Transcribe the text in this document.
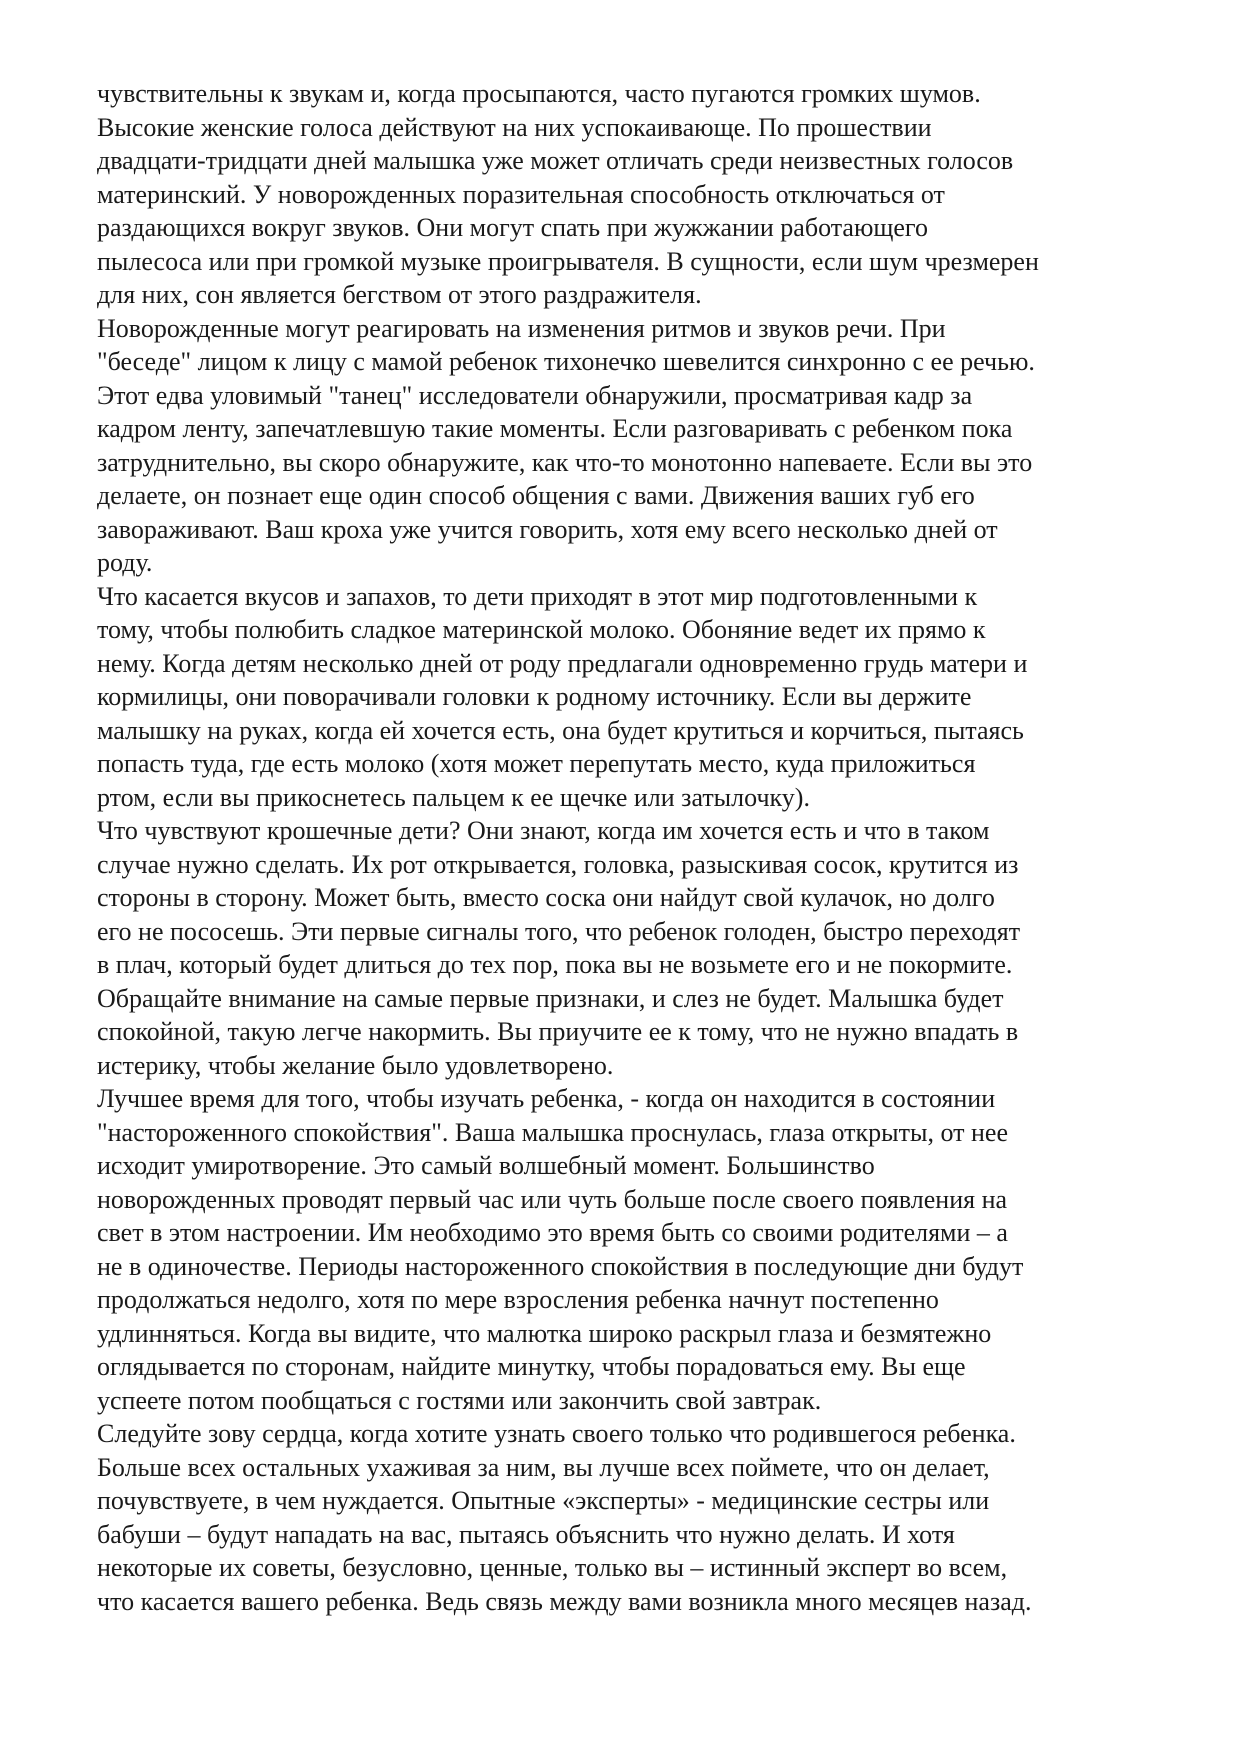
чувствительны к звукам и, когда просыпаются, часто пугаются громких шумов.
Высокие женские голоса действуют на них успокаивающе. По прошествии
двадцати-тридцати дней малышка уже может отличать среди неизвестных голосов
материнский. У новорожденных поразительная способность отключаться от
раздающихся вокруг звуков. Они могут спать при жужжании работающего
пылесоса или при громкой музыке проигрывателя. В сущности, если шум чрезмерен
для них, сон является бегством от этого раздражителя.
Новорожденные могут реагировать на изменения ритмов и звуков речи. При
"беседе" лицом к лицу с мамой ребенок тихонечко шевелится синхронно с ее речью.
Этот едва уловимый "танец" исследователи обнаружили, просматривая кадр за
кадром ленту, запечатлевшую такие моменты. Если разговаривать с ребенком пока
затруднительно, вы скоро обнаружите, как что-то монотонно напеваете. Если вы это
делаете, он познает еще один способ общения с вами. Движения ваших губ его
завораживают. Ваш кроха уже учится говорить, хотя ему всего несколько дней от
роду.
Что касается вкусов и запахов, то дети приходят в этот мир подготовленными к
тому, чтобы полюбить сладкое материнской молоко. Обоняние ведет их прямо к
нему. Когда детям несколько дней от роду предлагали одновременно грудь матери и
кормилицы, они поворачивали головки к родному источнику. Если вы держите
малышку на руках, когда ей хочется есть, она будет крутиться и корчиться, пытаясь
попасть туда, где есть молоко (хотя может перепутать место, куда приложиться
ртом, если вы прикоснетесь пальцем к ее щечке или затылочку).
Что чувствуют крошечные дети? Они знают, когда им хочется есть и что в таком
случае нужно сделать. Их рот открывается, головка, разыскивая сосок, крутится из
стороны в сторону. Может быть, вместо соска они найдут свой кулачок, но долго
его не пососешь. Эти первые сигналы того, что ребенок голоден, быстро переходят
в плач, который будет длиться до тех пор, пока вы не возьмете его и не покормите.
Обращайте внимание на самые первые признаки, и слез не будет. Малышка будет
спокойной, такую легче накормить. Вы приучите ее к тому, что не нужно впадать в
истерику, чтобы желание было удовлетворено.
Лучшее время для того, чтобы изучать ребенка, - когда он находится в состоянии
"настороженного спокойствия". Ваша малышка проснулась, глаза открыты, от нее
исходит умиротворение. Это самый волшебный момент. Большинство
новорожденных проводят первый час или чуть больше после своего появления на
свет в этом настроении. Им необходимо это время быть со своими родителями – а
не в одиночестве. Периоды настороженного спокойствия в последующие дни будут
продолжаться недолго, хотя по мере взросления ребенка начнут постепенно
удлинняться. Когда вы видите, что малютка широко раскрыл глаза и безмятежно
оглядывается по сторонам, найдите минутку, чтобы порадоваться ему. Вы еще
успеете потом пообщаться с гостями или закончить свой завтрак.
Следуйте зову сердца, когда хотите узнать своего только что родившегося ребенка.
Больше всех остальных ухаживая за ним, вы лучше всех поймете, что он делает,
почувствуете, в чем нуждается. Опытные «эксперты» - медицинские сестры или
бабуши – будут нападать на вас, пытаясь объяснить что нужно делать. И хотя
некоторые их советы, безусловно, ценные, только вы – истинный эксперт во всем,
что касается вашего ребенка. Ведь связь между вами возникла много месяцев назад.
